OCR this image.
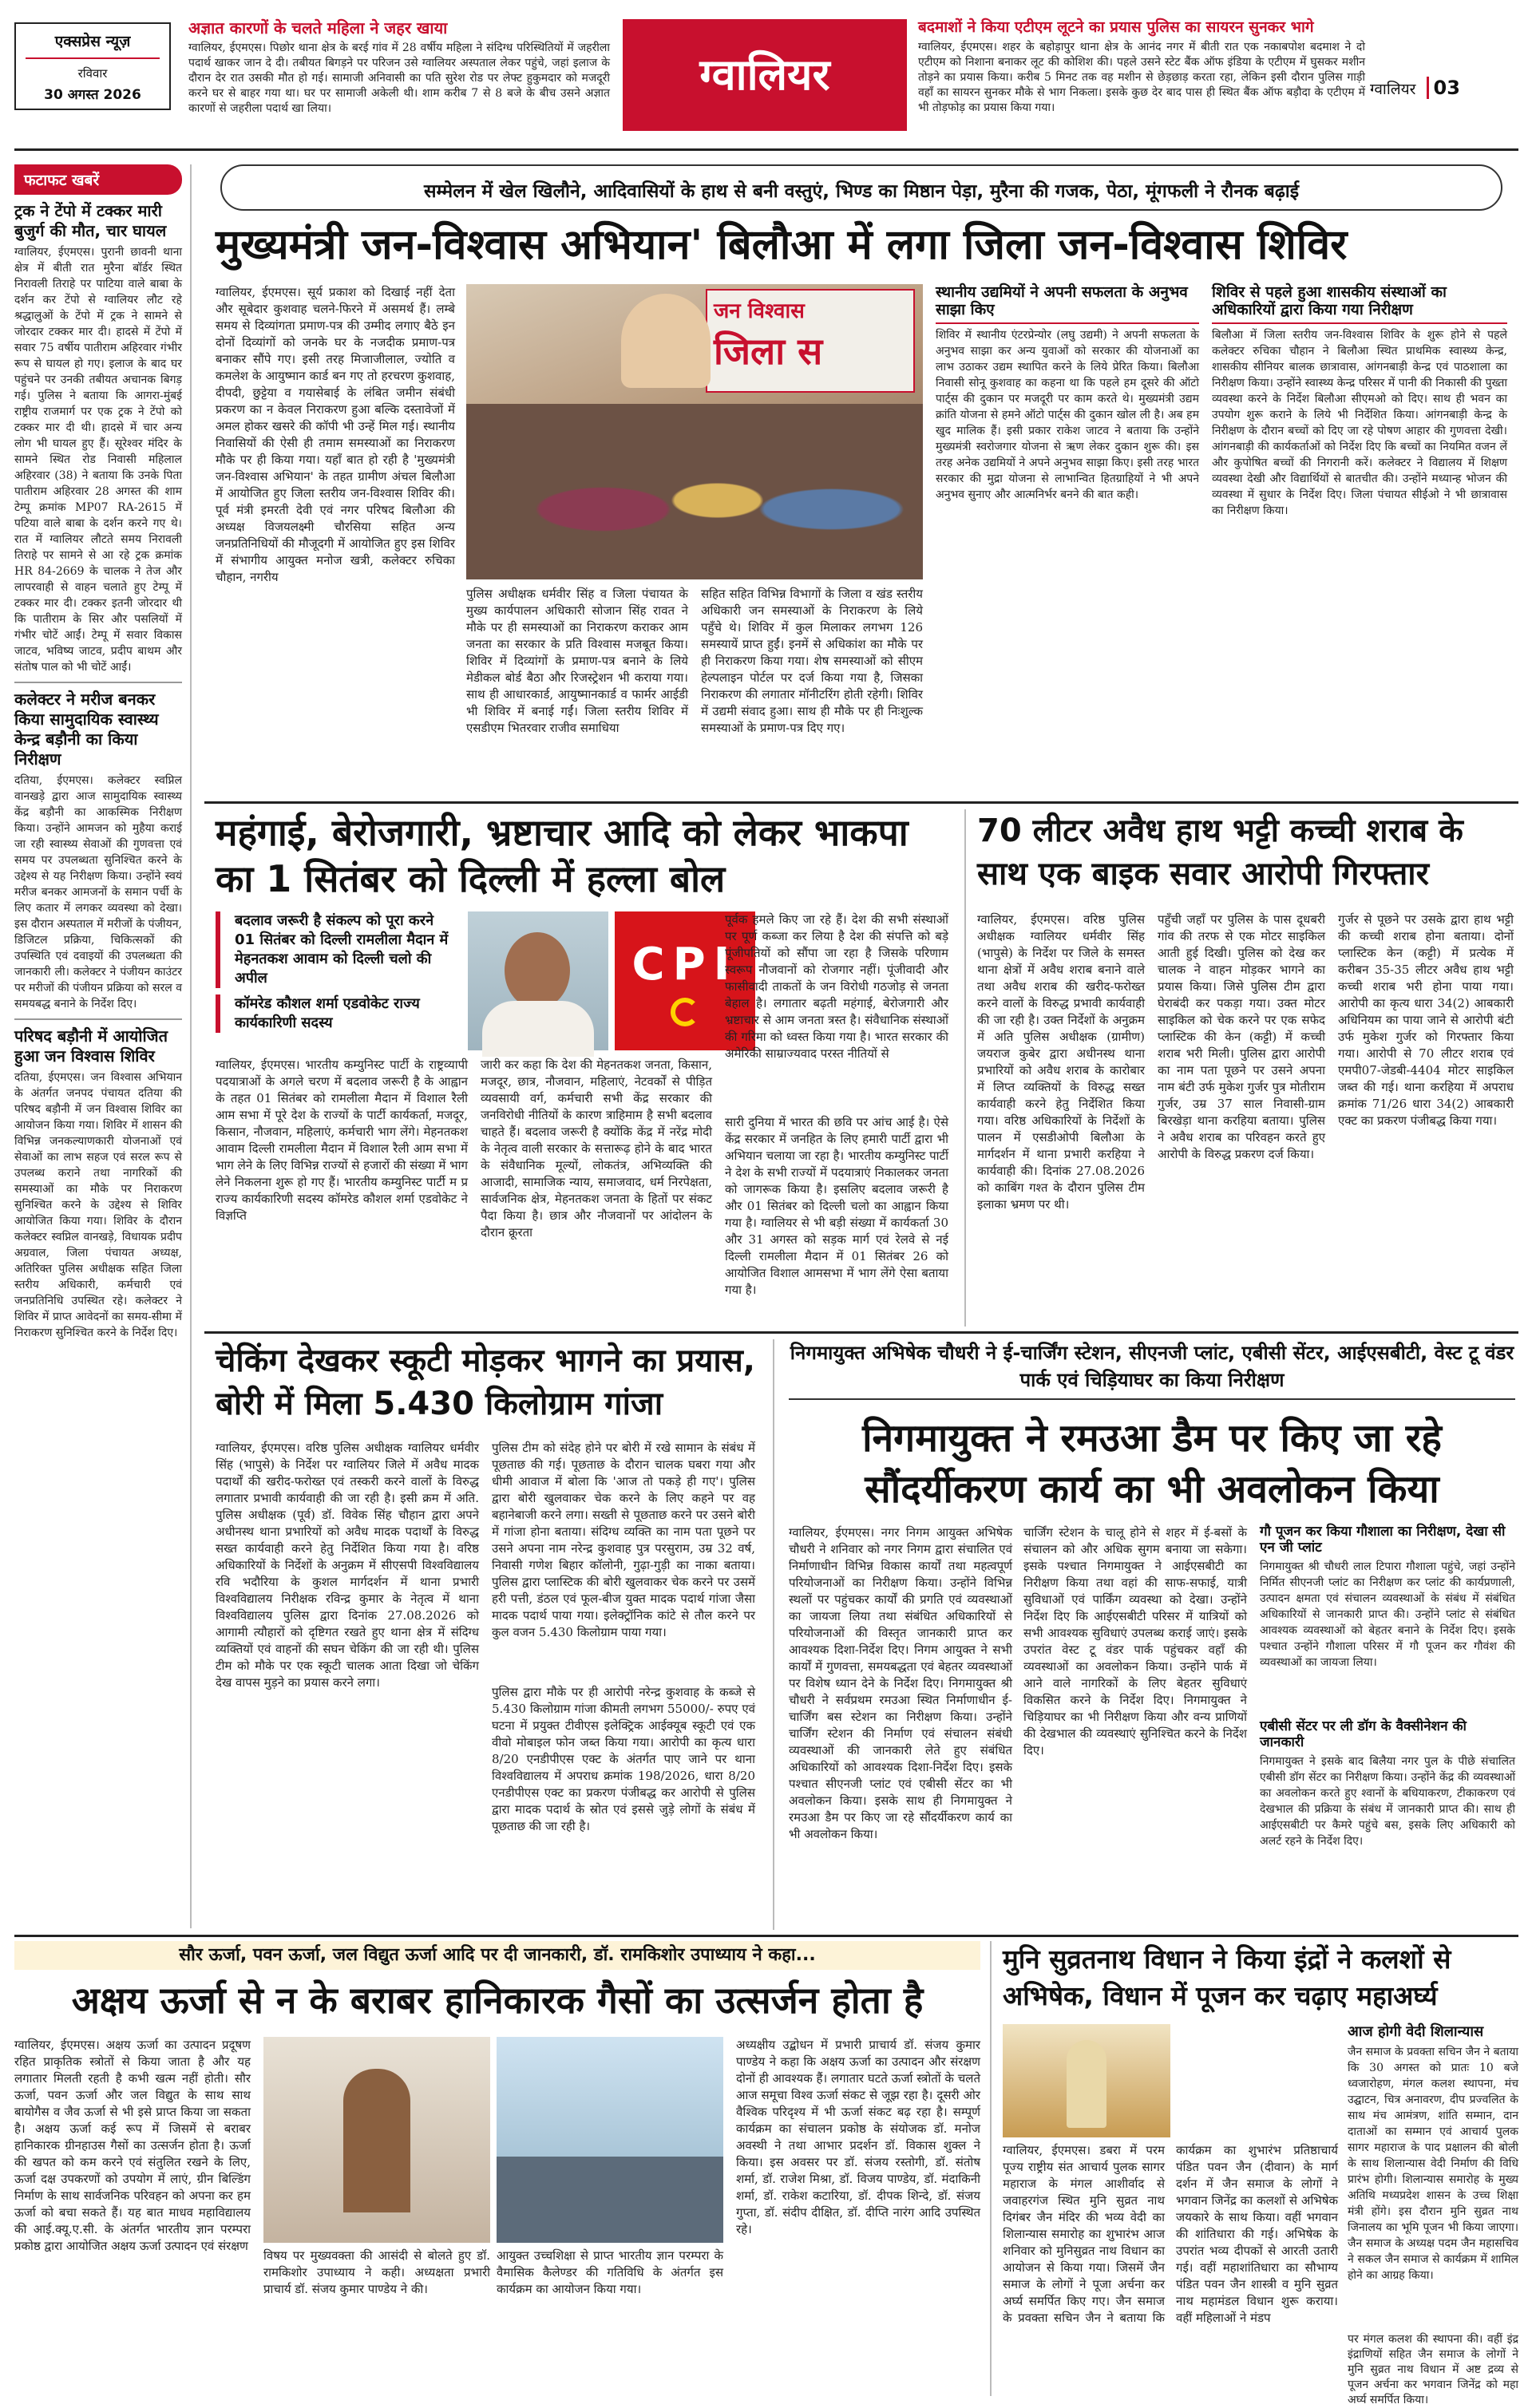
एक्सप्रेस न्यूज़
रविवार
30 अगस्त 2026
अज्ञात कारणों के चलते महिला ने जहर खाया
ग्वालियर, ईएमएस। पिछोर थाना क्षेत्र के बरई गांव में 28 वर्षीय महिला ने संदिग्ध परिस्थितियों में जहरीला पदार्थ खाकर जान दे दी। तबीयत बिगड़ने पर परिजन उसे ग्वालियर अस्पताल लेकर पहुंचे, जहां इलाज के दौरान देर रात उसकी मौत हो गई। सामाजी अनिवासी का पति सुरेश रोड पर लेफ्ट हुकुमदार को मजदूरी करने घर से बाहर गया था। घर पर सामाजी अकेली थी। शाम करीब 7 से 8 बजे के बीच उसने अज्ञात कारणों से जहरीला पदार्थ खा लिया।
ग्वालियर
बदमाशों ने किया एटीएम लूटने का प्रयास पुलिस का सायरन सुनकर भागे
ग्वालियर, ईएमएस। शहर के बहोड़ापुर थाना क्षेत्र के आनंद नगर में बीती रात एक नकाबपोश बदमाश ने दो एटीएम को निशाना बनाकर लूट की कोशिश की। पहले उसने स्टेट बैंक ऑफ इंडिया के एटीएम में घुसकर मशीन तोड़ने का प्रयास किया। करीब 5 मिनट तक वह मशीन से छेड़छाड़ करता रहा, लेकिन इसी दौरान पुलिस गाड़ी वहाँ का सायरन सुनकर मौके से भाग निकला। इसके कुछ देर बाद पास ही स्थित बैंक ऑफ बड़ौदा के एटीएम में भी तोड़फोड़ का प्रयास किया गया।
ग्वालियर 03
फटाफट खबरें
ट्रक ने टेंपो में टक्कर मारी बुजुर्ग की मौत, चार घायल
ग्वालियर, ईएमएस। पुरानी छावनी थाना क्षेत्र में बीती रात मुरैना बॉर्डर स्थित निरावली तिराहे पर पाटिया वाले बाबा के दर्शन कर टेंपो से ग्वालियर लौट रहे श्रद्धालुओं के टेंपो में ट्रक ने सामने से जोरदार टक्कर मार दी। हादसे में टेंपो में सवार 75 वर्षीय पातीराम अहिरवार गंभीर रूप से घायल हो गए। इलाज के बाद घर पहुंचने पर उनकी तबीयत अचानक बिगड़ गई। पुलिस ने बताया कि आगरा-मुंबई राष्ट्रीय राजमार्ग पर एक ट्रक ने टेंपो को टक्कर मार दी थी। हादसे में चार अन्य लोग भी घायल हुए हैं। सूरेश्वर मंदिर के सामने स्थित रोड निवासी महिलाल अहिरवार (38) ने बताया कि उनके पिता पातीराम अहिरवार 28 अगस्त की शाम टेम्पू क्रमांक MP07 RA-2615 में पटिया वाले बाबा के दर्शन करने गए थे। रात में ग्वालियर लौटते समय निरावली तिराहे पर सामने से आ रहे ट्रक क्रमांक HR 84-2669 के चालक ने तेज और लापरवाही से वाहन चलाते हुए टेम्पू में टक्कर मार दी। टक्कर इतनी जोरदार थी कि पातीराम के सिर और पसलियों में गंभीर चोटें आईं। टेम्पू में सवार विकास जाटव, भविष्य जाटव, प्रदीप बाथम और संतोष पाल को भी चोटें आईं।
कलेक्टर ने मरीज बनकर किया सामुदायिक स्वास्थ्य केन्द्र बड़ौनी का किया निरीक्षण
दतिया, ईएमएस। कलेक्टर स्वप्निल वानखड़े द्वारा आज सामुदायिक स्वास्थ्य केंद्र बड़ौनी का आकस्मिक निरीक्षण किया। उन्होंने आमजन को मुहैया कराई जा रही स्वास्थ्य सेवाओं की गुणवत्ता एवं समय पर उपलब्धता सुनिश्चित करने के उद्देश्य से यह निरीक्षण किया। उन्होंने स्वयं मरीज बनकर आमजनों के समान पर्ची के लिए कतार में लगकर व्यवस्था को देखा। इस दौरान अस्पताल में मरीजों के पंजीयन, डिजिटल प्रक्रिया, चिकित्सकों की उपस्थिति एवं दवाइयों की उपलब्धता की जानकारी ली। कलेक्टर ने पंजीयन काउंटर पर मरीजों की पंजीयन प्रक्रिया को सरल व समयबद्ध बनाने के निर्देश दिए।
परिषद बड़ौनी में आयोजित हुआ जन विश्वास शिविर
दतिया, ईएमएस। जन विश्वास अभियान के अंतर्गत जनपद पंचायत दतिया की परिषद बड़ौनी में जन विश्वास शिविर का आयोजन किया गया। शिविर में शासन की विभिन्न जनकल्याणकारी योजनाओं एवं सेवाओं का लाभ सहज एवं सरल रूप से उपलब्ध कराने तथा नागरिकों की समस्याओं का मौके पर निराकरण सुनिश्चित करने के उद्देश्य से शिविर आयोजित किया गया। शिविर के दौरान कलेक्टर स्वप्निल वानखड़े, विधायक प्रदीप अग्रवाल, जिला पंचायत अध्यक्ष, अतिरिक्त पुलिस अधीक्षक सहित जिला स्तरीय अधिकारी, कर्मचारी एवं जनप्रतिनिधि उपस्थित रहे। कलेक्टर ने शिविर में प्राप्त आवेदनों का समय-सीमा में निराकरण सुनिश्चित करने के निर्देश दिए।
सम्मेलन में खेल खिलौने, आदिवासियों के हाथ से बनी वस्तुएं, भिण्ड का मिष्ठान पेड़ा, मुरैना की गजक, पेठा, मूंगफली ने रौनक बढ़ाई
मुख्यमंत्री जन-विश्वास अभियान' बिलौआ में लगा जिला जन-विश्वास शिविर
ग्वालियर, ईएमएस। सूर्य प्रकाश को दिखाई नहीं देता और सूबेदार कुशवाह चलने-फिरने में असमर्थ हैं। लम्बे समय से दिव्यांगता प्रमाण-पत्र की उम्मीद लगाए बैठे इन दोनों दिव्यांगों को जनके घर के नजदीक प्रमाण-पत्र बनाकर सौंपे गए। इसी तरह मिजाजीलाल, ज्योति व कमलेश के आयुष्मान कार्ड बन गए तो हरचरण कुशवाह, दीपदी, छुट्टेया व गयासेबाई के लंबित जमीन संबंधी प्रकरण का न केवल निराकरण हुआ बल्कि दस्तावेजों में अमल होकर खसरे की कॉपी भी उन्हें मिल गई। स्थानीय निवासियों की ऐसी ही तमाम समस्याओं का निराकरण मौके पर ही किया गया। यहाँ बात हो रही है 'मुख्यमंत्री जन-विश्वास अभियान' के तहत ग्रामीण अंचल बिलौआ में आयोजित हुए जिला स्तरीय जन-विश्वास शिविर की। पूर्व मंत्री इमरती देवी एवं नगर परिषद बिलौआ की अध्यक्ष विजयलक्ष्मी चौरसिया सहित अन्य जनप्रतिनिधियों की मौजूदगी में आयोजित हुए इस शिविर में संभागीय आयुक्त मनोज खत्री, कलेक्टर रुचिका चौहान, नगरीय
जन विश्वास
जिला स
पुलिस अधीक्षक धर्मवीर सिंह व जिला पंचायत के मुख्य कार्यपालन अधिकारी सोजान सिंह रावत ने मौके पर ही समस्याओं का निराकरण कराकर आम जनता का सरकार के प्रति विश्वास मजबूत किया। शिविर में दिव्यांगों के प्रमाण-पत्र बनाने के लिये मेडीकल बोर्ड बैठा और रिजस्ट्रेशन भी कराया गया। साथ ही आधारकार्ड, आयुष्मानकार्ड व फार्मर आईडी भी शिविर में बनाई गईं। जिला स्तरीय शिविर में एसडीएम भितरवार राजीव समाधिया
सहित सहित विभिन्न विभागों के जिला व खंड स्तरीय अधिकारी जन समस्याओं के निराकरण के लिये पहुँचे थे। शिविर में कुल मिलाकर लगभग 126 समस्यायें प्राप्त हुईं। इनमें से अधिकांश का मौके पर ही निराकरण किया गया। शेष समस्याओं को सीएम हेल्पलाइन पोर्टल पर दर्ज किया गया है, जिसका निराकरण की लगातार मॉनीटरिंग होती रहेगी। शिविर में उद्यमी संवाद हुआ। साथ ही मौके पर ही निःशुल्क समस्याओं के प्रमाण-पत्र दिए गए।
स्थानीय उद्यमियों ने अपनी सफलता के अनुभव साझा किए
शिविर में स्थानीय एंटरप्रेन्योर (लघु उद्यमी) ने अपनी सफलता के अनुभव साझा कर अन्य युवाओं को सरकार की योजनाओं का लाभ उठाकर उद्यम स्थापित करने के लिये प्रेरित किया। बिलौआ निवासी सोनू कुशवाह का कहना था कि पहले हम दूसरे की ऑटो पार्ट्स की दुकान पर मजदूरी पर काम करते थे। मुख्यमंत्री उद्यम क्रांति योजना से हमने ऑटो पार्ट्स की दुकान खोल ली है। अब हम खुद मालिक हैं। इसी प्रकार राकेश जाटव ने बताया कि उन्होंने मुख्यमंत्री स्वरोजगार योजना से ऋण लेकर दुकान शुरू की। इस तरह अनेक उद्यमियों ने अपने अनुभव साझा किए। इसी तरह भारत सरकार की मुद्रा योजना से लाभान्वित हितग्राहियों ने भी अपने अनुभव सुनाए और आत्मनिर्भर बनने की बात कही।
शिविर से पहले हुआ शासकीय संस्थाओं का अधिकारियों द्वारा किया गया निरीक्षण
बिलौआ में जिला स्तरीय जन-विश्वास शिविर के शुरू होने से पहले कलेक्टर रुचिका चौहान ने बिलौआ स्थित प्राथमिक स्वास्थ्य केन्द्र, शासकीय सीनियर बालक छात्रावास, आंगनबाड़ी केन्द्र एवं पाठशाला का निरीक्षण किया। उन्होंने स्वास्थ्य केन्द्र परिसर में पानी की निकासी की पुख्ता व्यवस्था करने के निर्देश बिलौआ सीएमओ को दिए। साथ ही भवन का उपयोग शुरू कराने के लिये भी निर्देशित किया। आंगनबाड़ी केन्द्र के निरीक्षण के दौरान बच्चों को दिए जा रहे पोषण आहार की गुणवत्ता देखी। आंगनबाड़ी की कार्यकर्ताओं को निर्देश दिए कि बच्चों का नियमित वजन लें और कुपोषित बच्चों की निगरानी करें। कलेक्टर ने विद्यालय में शिक्षण व्यवस्था देखी और विद्यार्थियों से बातचीत की। उन्होंने मध्यान्ह भोजन की व्यवस्था में सुधार के निर्देश दिए। जिला पंचायत सीईओ ने भी छात्रावास का निरीक्षण किया।
महंगाई, बेरोजगारी, भ्रष्टाचार आदि को लेकर भाकपा का 1 सितंबर को दिल्ली में हल्ला बोल
बदलाव जरूरी है संकल्प को पूरा करने 01 सितंबर को दिल्ली रामलीला मैदान में मेहनतकश आवाम को दिल्ली चलो की अपील
कॉमरेड कौशल शर्मा एडवोकेट राज्य कार्यकारिणी सदस्य
CPI
ग्वालियर, ईएमएस। भारतीय कम्युनिस्ट पार्टी के राष्ट्रव्यापी पदयात्राओं के अगले चरण में बदलाव जरूरी है के आह्वान के तहत 01 सितंबर को रामलीला मैदान में विशाल रैली आम सभा में पूरे देश के राज्यों के पार्टी कार्यकर्ता, मजदूर, किसान, नौजवान, महिलाएं, कर्मचारी भाग लेंगे। मेहनतकश आवाम दिल्ली रामलीला मैदान में विशाल रैली आम सभा में भाग लेने के लिए विभिन्न राज्यों से हजारों की संख्या में भाग लेने निकलना शुरू हो गए हैं। भारतीय कम्युनिस्ट पार्टी म प्र राज्य कार्यकारिणी सदस्य कॉमरेड कौशल शर्मा एडवोकेट ने विज्ञप्ति
जारी कर कहा कि देश की मेहनतकश जनता, किसान, मजदूर, छात्र, नौजवान, महिलाएं, नेटवर्कों से पीड़ित व्यवसायी वर्ग, कर्मचारी सभी केंद्र सरकार की जनविरोधी नीतियों के कारण त्राहिमाम है सभी बदलाव चाहते हैं। बदलाव जरूरी है क्योंकि केंद्र में नरेंद्र मोदी के नेतृत्व वाली सरकार के सत्तारूढ़ होने के बाद भारत के संवैधानिक मूल्यों, लोकतंत्र, अभिव्यक्ति की आजादी, सामाजिक न्याय, समाजवाद, धर्म निरपेक्षता, सार्वजनिक क्षेत्र, मेहनतकश जनता के हितों पर संकट पैदा किया है। छात्र और नौजवानों पर आंदोलन के दौरान क्रूरता
पूर्वक हमले किए जा रहे हैं। देश की सभी संस्थाओं पर पूर्ण कब्जा कर लिया है देश की संपत्ति को बड़े पूंजीपतियों को सौंपा जा रहा है जिसके परिणाम स्वरूप नौजवानों को रोजगार नहीं। पूंजीवादी और फासीवादी ताकतों के जन विरोधी गठजोड़ से जनता बेहाल है। लगातार बढ़ती महंगाई, बेरोजगारी और भ्रष्टाचार से आम जनता त्रस्त है। संवैधानिक संस्थाओं की गरिमा को ध्वस्त किया गया है। भारत सरकार की अमेरिकी साम्राज्यवाद परस्त नीतियों से
सारी दुनिया में भारत की छवि पर आंच आई है। ऐसे केंद्र सरकार में जनहित के लिए हमारी पार्टी द्वारा भी अभियान चलाया जा रहा है। भारतीय कम्युनिस्ट पार्टी ने देश के सभी राज्यों में पदयात्राएं निकालकर जनता को जागरूक किया है। इसलिए बदलाव जरूरी है और 01 सितंबर को दिल्ली चलो का आह्वान किया गया है। ग्वालियर से भी बड़ी संख्या में कार्यकर्ता 30 और 31 अगस्त को सड़क मार्ग एवं रेलवे से नई दिल्ली रामलीला मैदान में 01 सितंबर 26 को आयोजित विशाल आमसभा में भाग लेंगे ऐसा बताया गया है।
70 लीटर अवैध हाथ भट्टी कच्ची शराब के साथ एक बाइक सवार आरोपी गिरफ्तार
ग्वालियर, ईएमएस। वरिष्ठ पुलिस अधीक्षक ग्वालियर धर्मवीर सिंह (भापुसे) के निर्देश पर जिले के समस्त थाना क्षेत्रों में अवैध शराब बनाने वाले तथा अवैध शराब की खरीद-फरोख्त करने वालों के विरुद्ध प्रभावी कार्यवाही की जा रही है। उक्त निर्देशों के अनुक्रम में अति पुलिस अधीक्षक (ग्रामीण) जयराज कुबेर द्वारा अधीनस्थ थाना प्रभारियों को अवैध शराब के कारोबार में लिप्त व्यक्तियों के विरुद्ध सख्त कार्यवाही करने हेतु निर्देशित किया गया। वरिष्ठ अधिकारियों के निर्देशों के पालन में एसडीओपी बिलौआ के मार्गदर्शन में थाना प्रभारी करहिया ने कार्यवाही की। दिनांक 27.08.2026 को काबिंग गश्त के दौरान पुलिस टीम इलाका भ्रमण पर थी।
पहुँची जहाँ पर पुलिस के पास दूधबरी गांव की तरफ से एक मोटर साइकिल आती हुई दिखी। पुलिस को देख कर चालक ने वाहन मोड़कर भागने का प्रयास किया। जिसे पुलिस टीम द्वारा घेराबंदी कर पकड़ा गया। उक्त मोटर साइकिल को चेक करने पर एक सफेद प्लास्टिक की केन (कट्टी) में कच्ची शराब भरी मिली। पुलिस द्वारा आरोपी का नाम पता पूछने पर उसने अपना नाम बंटी उर्फ मुकेश गुर्जर पुत्र मोतीराम गुर्जर, उम्र 37 साल निवासी-ग्राम बिरखेड़ा थाना करहिया बताया। पुलिस ने अवैध शराब का परिवहन करते हुए आरोपी के विरुद्ध प्रकरण दर्ज किया।
गुर्जर से पूछने पर उसके द्वारा हाथ भट्टी की कच्ची शराब होना बताया। दोनों प्लास्टिक केन (कट्टी) में प्रत्येक में करीबन 35-35 लीटर अवैध हाथ भट्टी कच्ची शराब भरी होना पाया गया। आरोपी का कृत्य धारा 34(2) आबकारी अधिनियम का पाया जाने से आरोपी बंटी उर्फ मुकेश गुर्जर को गिरफ्तार किया गया। आरोपी से 70 लीटर शराब एवं एमपी07-जेडबी-4404 मोटर साइकिल जब्त की गई। थाना करहिया में अपराध क्रमांक 71/26 धारा 34(2) आबकारी एक्ट का प्रकरण पंजीबद्ध किया गया।
चेकिंग देखकर स्कूटी मोड़कर भागने का प्रयास, बोरी में मिला 5.430 किलोग्राम गांजा
ग्वालियर, ईएमएस। वरिष्ठ पुलिस अधीक्षक ग्वालियर धर्मवीर सिंह (भापुसे) के निर्देश पर ग्वालियर जिले में अवैध मादक पदार्थों की खरीद-फरोख्त एवं तस्करी करने वालों के विरुद्ध लगातार प्रभावी कार्यवाही की जा रही है। इसी क्रम में अति. पुलिस अधीक्षक (पूर्व) डॉ. विवेक सिंह चौहान द्वारा अपने अधीनस्थ थाना प्रभारियों को अवैध मादक पदार्थों के विरुद्ध सख्त कार्यवाही करने हेतु निर्देशित किया गया है। वरिष्ठ अधिकारियों के निर्देशों के अनुक्रम में सीएसपी विश्वविद्यालय रवि भदौरिया के कुशल मार्गदर्शन में थाना प्रभारी विश्वविद्यालय निरीक्षक रविन्द्र कुमार के नेतृत्व में थाना विश्वविद्यालय पुलिस द्वारा दिनांक 27.08.2026 को आगामी त्यौहारों को दृष्टिगत रखते हुए थाना क्षेत्र में संदिग्ध व्यक्तियों एवं वाहनों की सघन चेकिंग की जा रही थी। पुलिस टीम को मौके पर एक स्कूटी चालक आता दिखा जो चेकिंग देख वापस मुड़ने का प्रयास करने लगा।
पुलिस टीम को संदेह होने पर बोरी में रखे सामान के संबंध में पूछताछ की गई। पूछताछ के दौरान चालक घबरा गया और धीमी आवाज में बोला कि 'आज तो पकड़े ही गए'। पुलिस द्वारा बोरी खुलवाकर चेक करने के लिए कहने पर वह बहानेबाजी करने लगा। सख्ती से पूछताछ करने पर उसने बोरी में गांजा होना बताया। संदिग्ध व्यक्ति का नाम पता पूछने पर उसने अपना नाम नरेन्द्र कुशवाह पुत्र परसुराम, उम्र 32 वर्ष, निवासी गणेश बिहार कॉलोनी, गुढ़ा-गुड़ी का नाका बताया। पुलिस द्वारा प्लास्टिक की बोरी खुलवाकर चेक करने पर उसमें हरी पत्ती, डंठल एवं फूल-बीज युक्त मादक पदार्थ गांजा जैसा मादक पदार्थ पाया गया। इलेक्ट्रॉनिक कांटे से तौल करने पर कुल वजन 5.430 किलोग्राम पाया गया।
पुलिस द्वारा मौके पर ही आरोपी नरेन्द्र कुशवाह के कब्जे से 5.430 किलोग्राम गांजा कीमती लगभग 55000/- रुपए एवं घटना में प्रयुक्त टीवीएस इलेक्ट्रिक आईक्यूब स्कूटी एवं एक वीवो मोबाइल फोन जब्त किया गया। आरोपी का कृत्य धारा 8/20 एनडीपीएस एक्ट के अंतर्गत पाए जाने पर थाना विश्वविद्यालय में अपराध क्रमांक 198/2026, धारा 8/20 एनडीपीएस एक्ट का प्रकरण पंजीबद्ध कर आरोपी से पुलिस द्वारा मादक पदार्थ के स्रोत एवं इससे जुड़े लोगों के संबंध में पूछताछ की जा रही है।
निगमायुक्त अभिषेक चौधरी ने ई-चार्जिंग स्टेशन, सीएनजी प्लांट, एबीसी सेंटर, आईएसबीटी, वेस्ट टू वंडर पार्क एवं चिड़ियाघर का किया निरीक्षण
निगमायुक्त ने रमउआ डैम पर किए जा रहे सौंदर्यीकरण कार्य का भी अवलोकन किया
ग्वालियर, ईएमएस। नगर निगम आयुक्त अभिषेक चौधरी ने शनिवार को नगर निगम द्वारा संचालित एवं निर्माणाधीन विभिन्न विकास कार्यों तथा महत्वपूर्ण परियोजनाओं का निरीक्षण किया। उन्होंने विभिन्न स्थलों पर पहुंचकर कार्यों की प्रगति एवं व्यवस्थाओं का जायजा लिया तथा संबंधित अधिकारियों से परियोजनाओं की विस्तृत जानकारी प्राप्त कर आवश्यक दिशा-निर्देश दिए। निगम आयुक्त ने सभी कार्यों में गुणवत्ता, समयबद्धता एवं बेहतर व्यवस्थाओं पर विशेष ध्यान देने के निर्देश दिए। निगमायुक्त श्री चौधरी ने सर्वप्रथम रमउआ स्थित निर्माणाधीन ई-चार्जिंग बस स्टेशन का निरीक्षण किया। उन्होंने चार्जिंग स्टेशन की निर्माण एवं संचालन संबंधी व्यवस्थाओं की जानकारी लेते हुए संबंधित अधिकारियों को आवश्यक दिशा-निर्देश दिए। इसके पश्चात सीएनजी प्लांट एवं एबीसी सेंटर का भी अवलोकन किया। इसके साथ ही निगमायुक्त ने रमउआ डैम पर किए जा रहे सौंदर्यीकरण कार्य का भी अवलोकन किया।
चार्जिंग स्टेशन के चालू होने से शहर में ई-बसों के संचालन को और अधिक सुगम बनाया जा सकेगा। इसके पश्चात निगमायुक्त ने आईएसबीटी का निरीक्षण किया तथा वहां की साफ-सफाई, यात्री सुविधाओं एवं पार्किंग व्यवस्था को देखा। उन्होंने निर्देश दिए कि आईएसबीटी परिसर में यात्रियों को सभी आवश्यक सुविधाएं उपलब्ध कराई जाएं। इसके उपरांत वेस्ट टू वंडर पार्क पहुंचकर वहाँ की व्यवस्थाओं का अवलोकन किया। उन्होंने पार्क में आने वाले नागरिकों के लिए बेहतर सुविधाएं विकसित करने के निर्देश दिए। निगमायुक्त ने चिड़ियाघर का भी निरीक्षण किया और वन्य प्राणियों की देखभाल की व्यवस्थाएं सुनिश्चित करने के निर्देश दिए।
गौ पूजन कर किया गौशाला का निरीक्षण, देखा सी एन जी प्लांट
निगमायुक्त श्री चौधरी लाल टिपारा गौशाला पहुंचे, जहां उन्होंने निर्मित सीएनजी प्लांट का निरीक्षण कर प्लांट की कार्यप्रणाली, उत्पादन क्षमता एवं संचालन व्यवस्थाओं के संबंध में संबंधित अधिकारियों से जानकारी प्राप्त की। उन्होंने प्लांट से संबंधित आवश्यक व्यवस्थाओं को बेहतर बनाने के निर्देश दिए। इसके पश्चात उन्होंने गौशाला परिसर में गौ पूजन कर गौवंश की व्यवस्थाओं का जायजा लिया।
एबीसी सेंटर पर ली डॉग के वैक्सीनेशन की जानकारी
निगमायुक्त ने इसके बाद बिलैया नगर पुल के पीछे संचालित एबीसी डॉग सेंटर का निरीक्षण किया। उन्होंने केंद्र की व्यवस्थाओं का अवलोकन करते हुए श्वानों के बधियाकरण, टीकाकरण एवं देखभाल की प्रक्रिया के संबंध में जानकारी प्राप्त की। साथ ही आईएसबीटी पर कैमरे पहुंचे बस, इसके लिए अधिकारी को अलर्ट रहने के निर्देश दिए।
सौर ऊर्जा, पवन ऊर्जा, जल विद्युत ऊर्जा आदि पर दी जानकारी, डॉ. रामकिशोर उपाध्याय ने कहा...
अक्षय ऊर्जा से न के बराबर हानिकारक गैसों का उत्सर्जन होता है
ग्वालियर, ईएमएस। अक्षय ऊर्जा का उत्पादन प्रदूषण रहित प्राकृतिक स्त्रोतों से किया जाता है और यह लगातार मिलती रहती है कभी खत्म नहीं होती। सौर ऊर्जा, पवन ऊर्जा और जल विद्युत के साथ साथ बायोगैस व जैव ऊर्जा से भी इसे प्राप्त किया जा सकता है। अक्षय ऊर्जा कई रूप में जिसमें से बराबर हानिकारक ग्रीनहाउस गैसों का उत्सर्जन होता है। ऊर्जा की खपत को कम करने एवं संतुलित रखने के लिए, ऊर्जा दक्ष उपकरणों को उपयोग में लाएं, ग्रीन बिल्डिंग निर्माण के साथ सार्वजनिक परिवहन को अपना कर हम ऊर्जा को बचा सकते हैं। यह बात माधव महाविद्यालय की आई.क्यू.ए.सी. के अंतर्गत भारतीय ज्ञान परम्परा प्रकोष्ठ द्वारा आयोजित अक्षय ऊर्जा उत्पादन एवं संरक्षण
विषय पर मुख्यवक्ता की आसंदी से बोलते हुए डॉ. रामकिशोर उपाध्याय ने कही। अध्यक्षता प्रभारी प्राचार्य डॉ. संजय कुमार पाण्डेय ने की।
आयुक्त उच्चशिक्षा से प्राप्त भारतीय ज्ञान परम्परा के वैमासिक कैलेण्डर की गतिविधि के अंतर्गत इस कार्यक्रम का आयोजन किया गया।
अध्यक्षीय उद्बोधन में प्रभारी प्राचार्य डॉ. संजय कुमार पाण्डेय ने कहा कि अक्षय ऊर्जा का उत्पादन और संरक्षण दोनों ही आवश्यक हैं। लगातार घटते ऊर्जा स्त्रोतों के चलते आज समूचा विश्व ऊर्जा संकट से जूझ रहा है। दूसरी ओर वैश्विक परिदृश्य में भी ऊर्जा संकट बढ़ रहा है। सम्पूर्ण कार्यक्रम का संचालन प्रकोष्ठ के संयोजक डॉ. मनोज अवस्थी ने तथा आभार प्रदर्शन डॉ. विकास शुक्ल ने किया। इस अवसर पर डॉ. संजय रस्तोगी, डॉ. संतोष शर्मा, डॉ. राजेश मिश्रा, डॉ. विजय पाण्डेय, डॉ. मंदाकिनी शर्मा, डॉ. राकेश कटारिया, डॉ. दीपक शिन्दे, डॉ. संजय गुप्ता, डॉ. संदीप दीक्षित, डॉ. दीप्ति नारंग आदि उपस्थित रहे।
मुनि सुव्रतनाथ विधान ने किया इंद्रों ने कलशों से अभिषेक, विधान में पूजन कर चढ़ाए महाअर्घ्य
ग्वालियर, ईएमएस। डबरा में परम पूज्य राष्ट्रीय संत आचार्य पुलक सागर महाराज के मंगल आशीर्वाद से जवाहरगंज स्थित मुनि सुव्रत नाथ दिगंबर जैन मंदिर की भव्य वेदी का शिलान्यास समारोह का शुभारंभ आज शनिवार को मुनिसुव्रत नाथ विधान का आयोजन से किया गया। जिसमें जैन समाज के लोगों ने पूजा अर्चना कर अर्घ्य समर्पित किए गए। जैन समाज के प्रवक्ता सचिन जैन ने बताया कि कार्यक्रम का शुभारंभ प्रतिष्ठाचार्य पंडित पवन जैन (दीवान) के मार्ग दर्शन में जैन समाज के लोगों ने भगवान जिनेंद्र का कलशों से अभिषेक जयकारे के साथ किया। वहीं भगवान की शांतिधारा की गई। अभिषेक के उपरांत भव्य दीपकों से आरती उतारी गई। वहीं महाशांतिधारा का सौभाग्य पंडित पवन जैन शास्त्री व मुनि सुव्रत नाथ महामंडल विधान शुरू कराया। वहीं महिलाओं ने मंडप
आज होगी वेदी शिलान्यास
जैन समाज के प्रवक्ता सचिन जैन ने बताया कि 30 अगस्त को प्रातः 10 बजे ध्वजारोहण, मंगल कलश स्थापना, मंच उद्घाटन, चित्र अनावरण, दीप प्रज्वलित के साथ मंच आमंत्रण, शांति सम्मान, दान दाताओं का सम्मान एवं आचार्य पुलक सागर महाराज के पाद प्रक्षालन की बोली के साथ शिलान्यास वेदी निर्माण की विधि प्रारंभ होगी। शिलान्यास समारोह के मुख्य अतिथि मध्यप्रदेश शासन के उच्च शिक्षा मंत्री होंगे। इस दौरान मुनि सुव्रत नाथ जिनालय का भूमि पूजन भी किया जाएगा। जैन समाज के अध्यक्ष पदम जैन महासचिव ने सकल जैन समाज से कार्यक्रम में शामिल होने का आग्रह किया।
पर मंगल कलश की स्थापना की। वहीं इंद्र इंद्राणियों सहित जैन समाज के लोगों ने मुनि सुव्रत नाथ विधान में अष्ट द्रव्य से पूजन अर्चना कर भगवान जिनेंद्र को महा अर्घ्य समर्पित किया।
